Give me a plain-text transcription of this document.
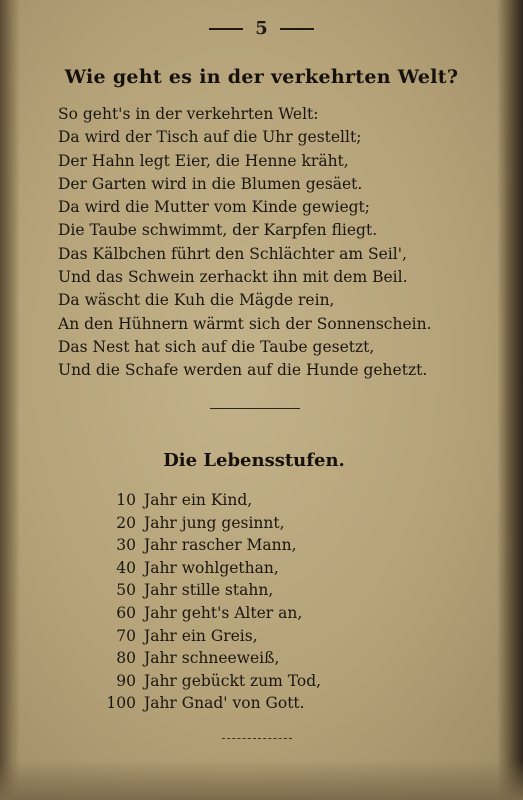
5
Wie geht es in der verkehrten Welt?
So geht's in der verkehrten Welt:
Da wird der Tisch auf die Uhr gestellt;
Der Hahn legt Eier, die Henne kräht,
Der Garten wird in die Blumen gesäet.
Da wird die Mutter vom Kinde gewiegt;
Die Taube schwimmt, der Karpfen fliegt.
Das Kälbchen führt den Schlächter am Seil',
Und das Schwein zerhackt ihn mit dem Beil.
Da wäscht die Kuh die Mägde rein,
An den Hühnern wärmt sich der Sonnenschein.
Das Nest hat sich auf die Taube gesetzt,
Und die Schafe werden auf die Hunde gehetzt.
Die Lebensstufen.
10 Jahr ein Kind,
20 Jahr jung gesinnt,
30 Jahr rascher Mann,
40 Jahr wohlgethan,
50 Jahr stille stahn,
60 Jahr geht's Alter an,
70 Jahr ein Greis,
80 Jahr schneeweiß,
90 Jahr gebückt zum Tod,
100 Jahr Gnad' von Gott.
